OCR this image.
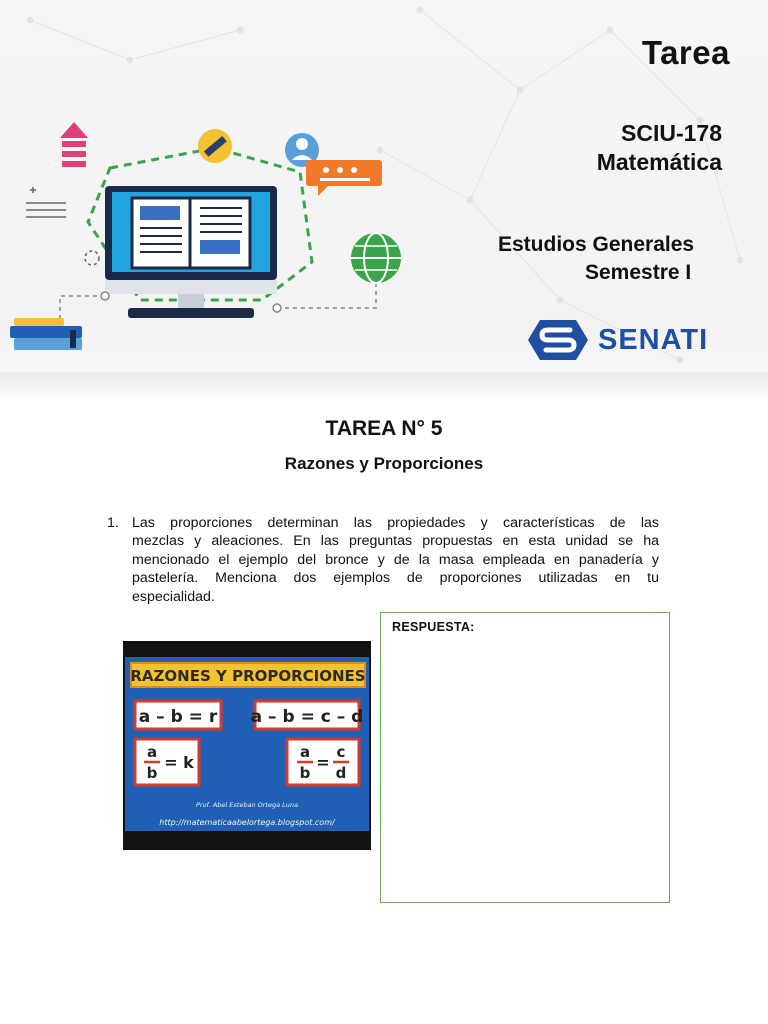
Tarea
SCIU-178
Matemática
Estudios Generales
Semestre I
SENATI
TAREA N° 5
Razones y Proporciones
1. Las proporciones determinan las propiedades y características de las
mezclas y aleaciones. En las preguntas propuestas en esta unidad se ha
mencionado el ejemplo del bronce y de la masa empleada en panadería y
pastelería. Menciona dos ejemplos de proporciones utilizadas en tu
especialidad.
RAZONES Y PROPORCIONES
a – b = r a – b = c – d
a
b
= k
a
b
=
c
d
Prof. Abel Esteban Ortega Luna
http://matematicaabelortega.blogspot.com/
RESPUESTA:
